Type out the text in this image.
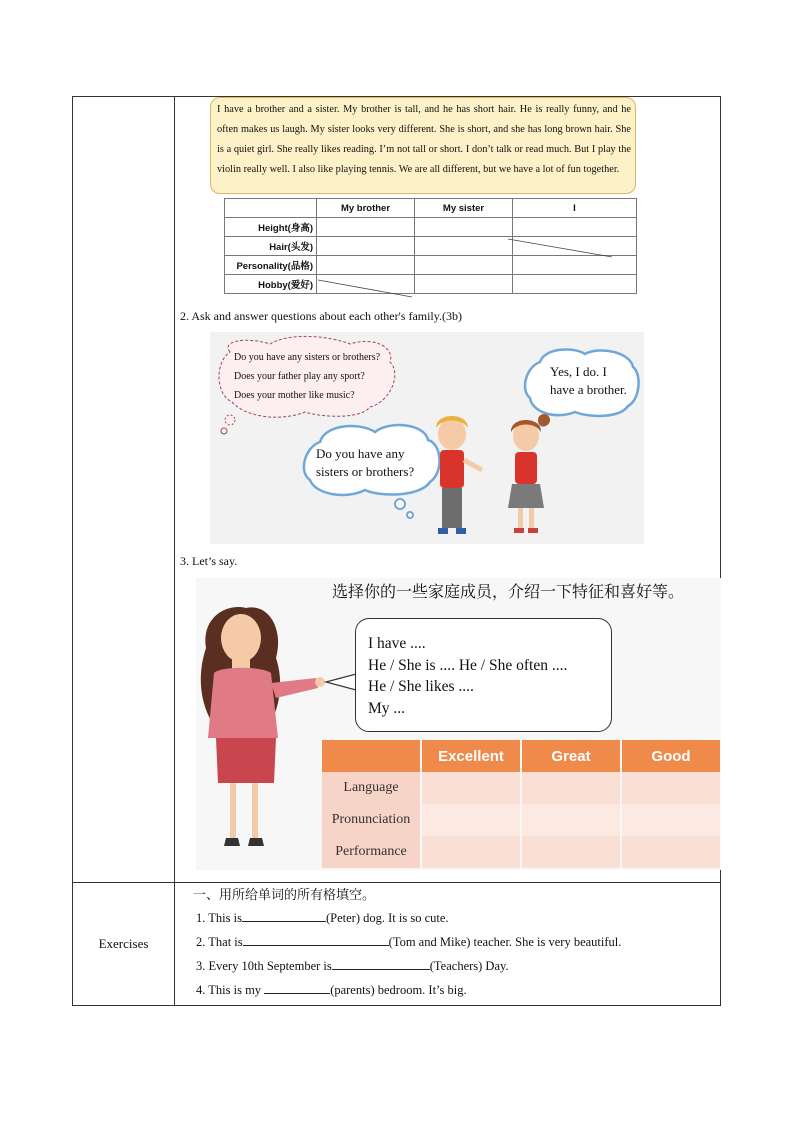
Exercises
I have a brother and a sister. My brother is tall, and he has short hair. He is really funny, and he often makes us laugh. My sister looks very different. She is short, and she has long brown hair. She is a quiet girl. She really likes reading. I’m not tall or short. I don’t talk or read much. But I play the violin really well. I also like playing tennis. We are all different, but we have a lot of fun together.
	My brother	My sister	I
Height(身高)			
Hair(头发)			
Personality(品格)			
Hobby(爱好)			
2. Ask and answer questions about each other's family.(3b)
Do you have any sisters or brothers?
Does your father play any sport?
Does your mother like music?
Do you have any
sisters or brothers?
Yes, I do. I
have a brother.
3. Let’s say.
选择你的一些家庭成员，介绍一下特征和喜好等。
I have ....
He / She is .... He / She often ....
He / She likes ....
My ...
	Excellent	Great	Good
Language			
Pronunciation			
Performance			
一、用所给单词的所有格填空。
1. This is	(Peter) dog. It is so cute.
2. That is	(Tom and Mike) teacher. She is very beautiful.
3. Every 10th September is	(Teachers) Day.
4. This is my	(parents) bedroom. It’s big.
